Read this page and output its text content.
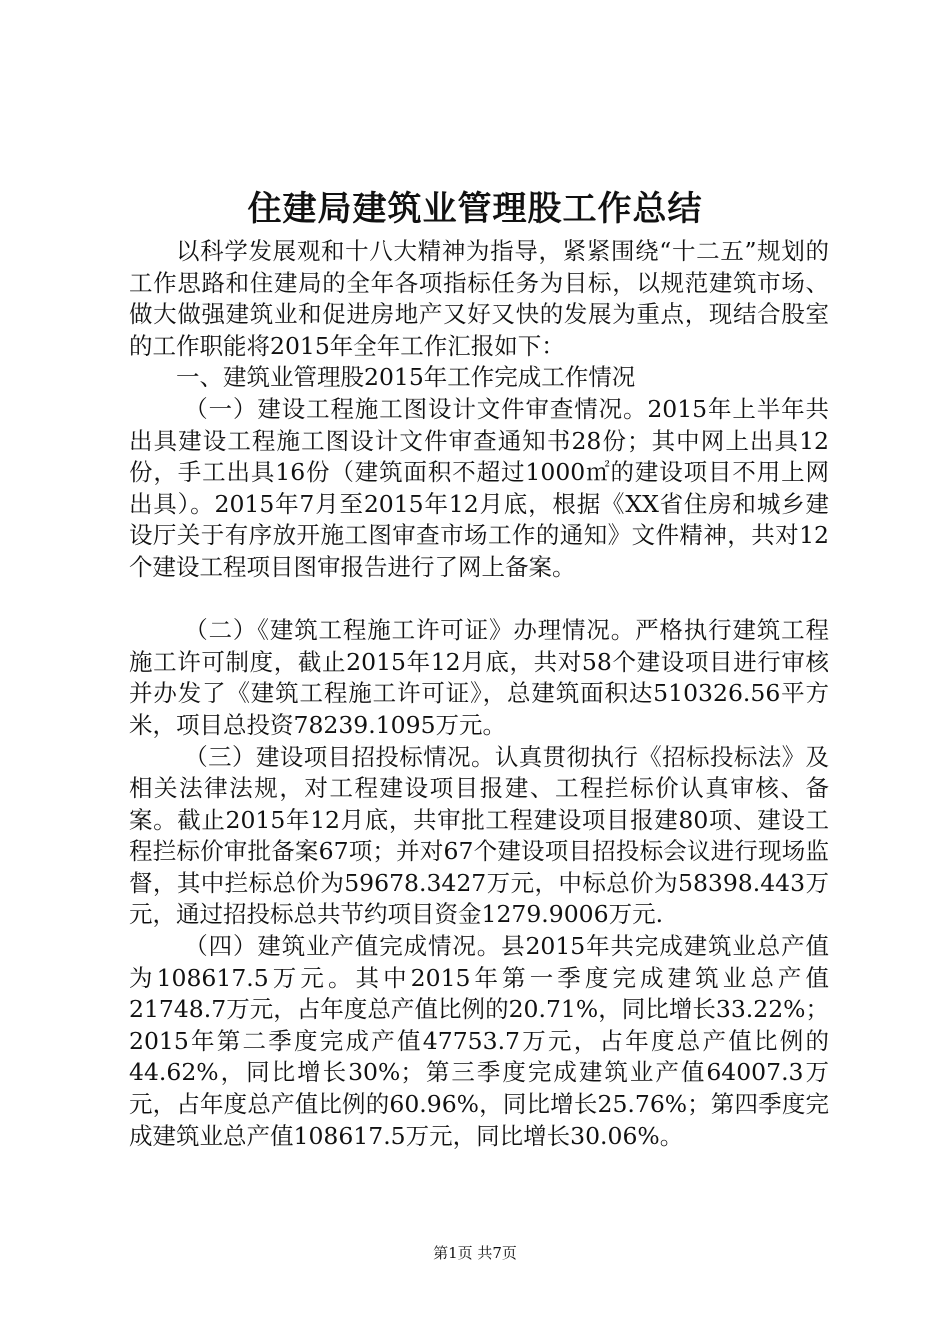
住建局建筑业管理股工作总结

以科学发展观和十八大精神为指导，紧紧围绕“十二五”规划的工作思路和住建局的全年各项指标任务为目标，以规范建筑市场、做大做强建筑业和促进房地产又好又快的发展为重点，现结合股室的工作职能将2015年全年工作汇报如下：

一、建筑业管理股2015年工作完成工作情况

（一）建设工程施工图设计文件审查情况。2015年上半年共出具建设工程施工图设计文件审查通知书28份；其中网上出具12份，手工出具16份（建筑面积不超过1000㎡的建设项目不用上网出具）。2015年7月至2015年12月底，根据《XX省住房和城乡建设厅关于有序放开施工图审查市场工作的通知》文件精神，共对12个建设工程项目图审报告进行了网上备案。

（二）《建筑工程施工许可证》办理情况。严格执行建筑工程施工许可制度，截止2015年12月底，共对58个建设项目进行审核并办发了《建筑工程施工许可证》，总建筑面积达510326.56平方米，项目总投资78239.1095万元。

（三）建设项目招投标情况。认真贯彻执行《招标投标法》及相关法律法规，对工程建设项目报建、工程拦标价认真审核、备案。截止2015年12月底，共审批工程建设项目报建80项、建设工程拦标价审批备案67项；并对67个建设项目招投标会议进行现场监督，其中拦标总价为59678.3427万元，中标总价为58398.443万元，通过招投标总共节约项目资金1279.9006万元.

（四）建筑业产值完成情况。县2015年共完成建筑业总产值为108617.5万元。其中2015年第一季度完成建筑业总产值21748.7万元，占年度总产值比例的20.71%，同比增长33.22%；2015年第二季度完成产值47753.7万元，占年度总产值比例的44.62%，同比增长30%；第三季度完成建筑业产值64007.3万元，占年度总产值比例的60.96%，同比增长25.76%；第四季度完成建筑业总产值108617.5万元，同比增长30.06%。

第1页 共7页
